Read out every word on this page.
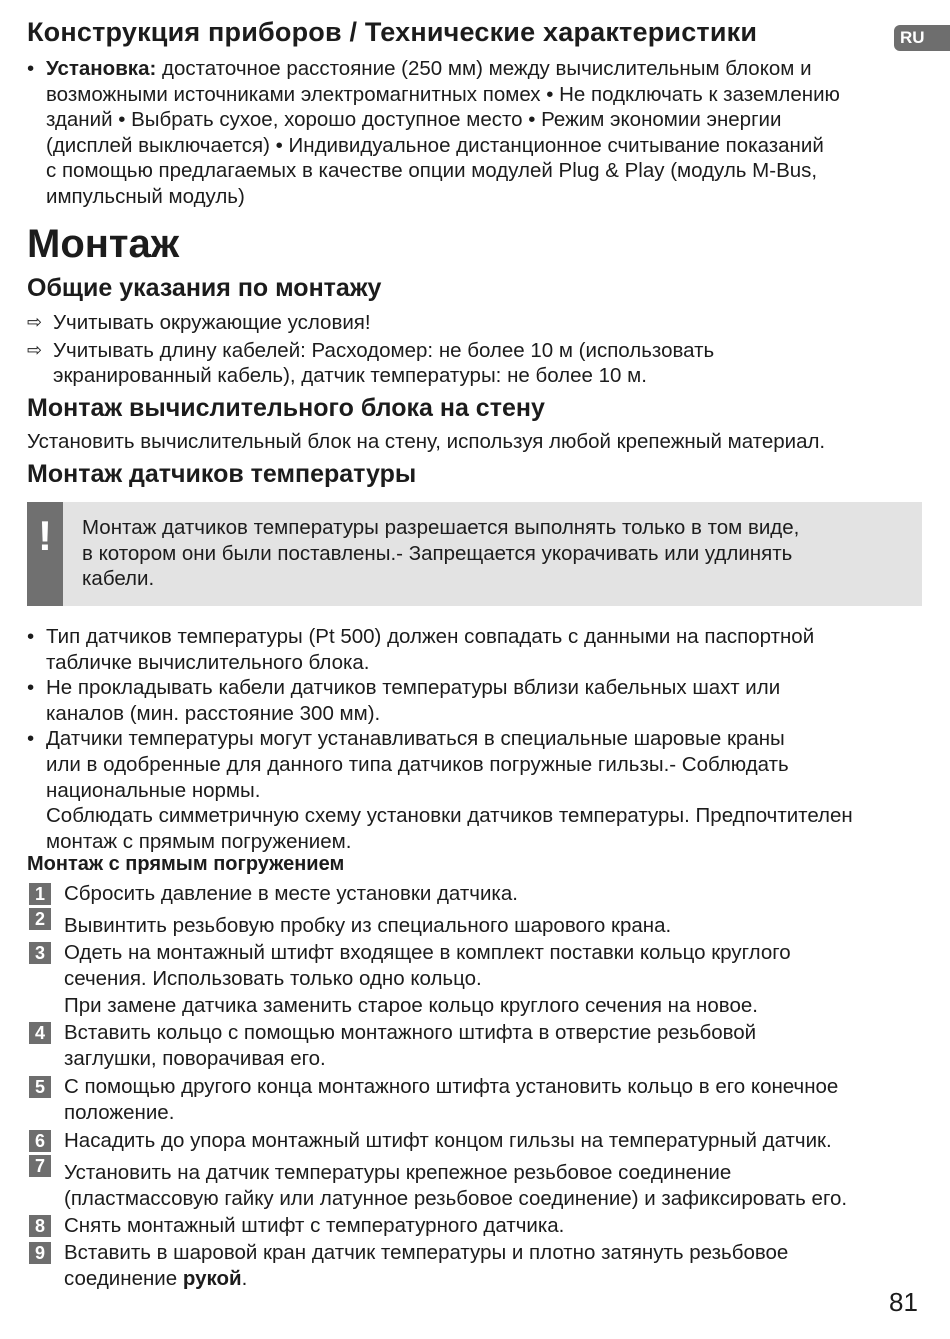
RU
Конструкция приборов / Технические характеристики
• Установка: достаточное расстояние (250 мм) между вычислительным блоком и
возможными источниками электромагнитных помех • Не подключать к заземлению
зданий • Выбрать сухое, хорошо доступное место • Режим экономии энергии
(дисплей выключается) • Индивидуальное дистанционное считывание показаний
с помощью предлагаемых в качестве опции модулей Plug & Play (модуль M-Bus,
импульсный модуль)
Монтаж
Общие указания по монтажу
⇨ Учитывать окружающие условия!
⇨ Учитывать длину кабелей: Расходомер: не более 10 м (использовать
экранированный кабель), датчик температуры: не более 10 м.
Монтаж вычислительного блока на стену
Установить вычислительный блок на стену, используя любой крепежный материал.
Монтаж датчиков температуры
!	Монтаж датчиков температуры разрешается выполнять только в том виде,
в котором они были поставлены.- Запрещается укорачивать или удлинять
кабели.
• Тип датчиков температуры (Pt 500) должен совпадать с данными на паспортной
табличке вычислительного блока.
• Не прокладывать кабели датчиков температуры вблизи кабельных шахт или
каналов (мин. расстояние 300 мм).
• Датчики температуры могут устанавливаться в специальные шаровые краны
или в одобренные для данного типа датчиков погружные гильзы.- Соблюдать
национальные нормы.
Соблюдать симметричную схему установки датчиков температуры. Предпочтителен
монтаж с прямым погружением.
Монтаж с прямым погружением
1 Сбросить давление в месте установки датчика.
2 Вывинтить резьбовую пробку из специального шарового крана.
3 Одеть на монтажный штифт входящее в комплект поставки кольцо круглого
сечения. Использовать только одно кольцо.
При замене датчика заменить старое кольцо круглого сечения на новое.
4 Вставить кольцо с помощью монтажного штифта в отверстие резьбовой
заглушки, поворачивая его.
5 С помощью другого конца монтажного штифта установить кольцо в его конечное
положение.
6 Насадить до упора монтажный штифт концом гильзы на температурный датчик.
7 Установить на датчик температуры крепежное резьбовое соединение
(пластмассовую гайку или латунное резьбовое соединение) и зафиксировать его.
8 Снять монтажный штифт с температурного датчика.
9 Вставить в шаровой кран датчик температуры и плотно затянуть резьбовое
соединение рукой.
81
